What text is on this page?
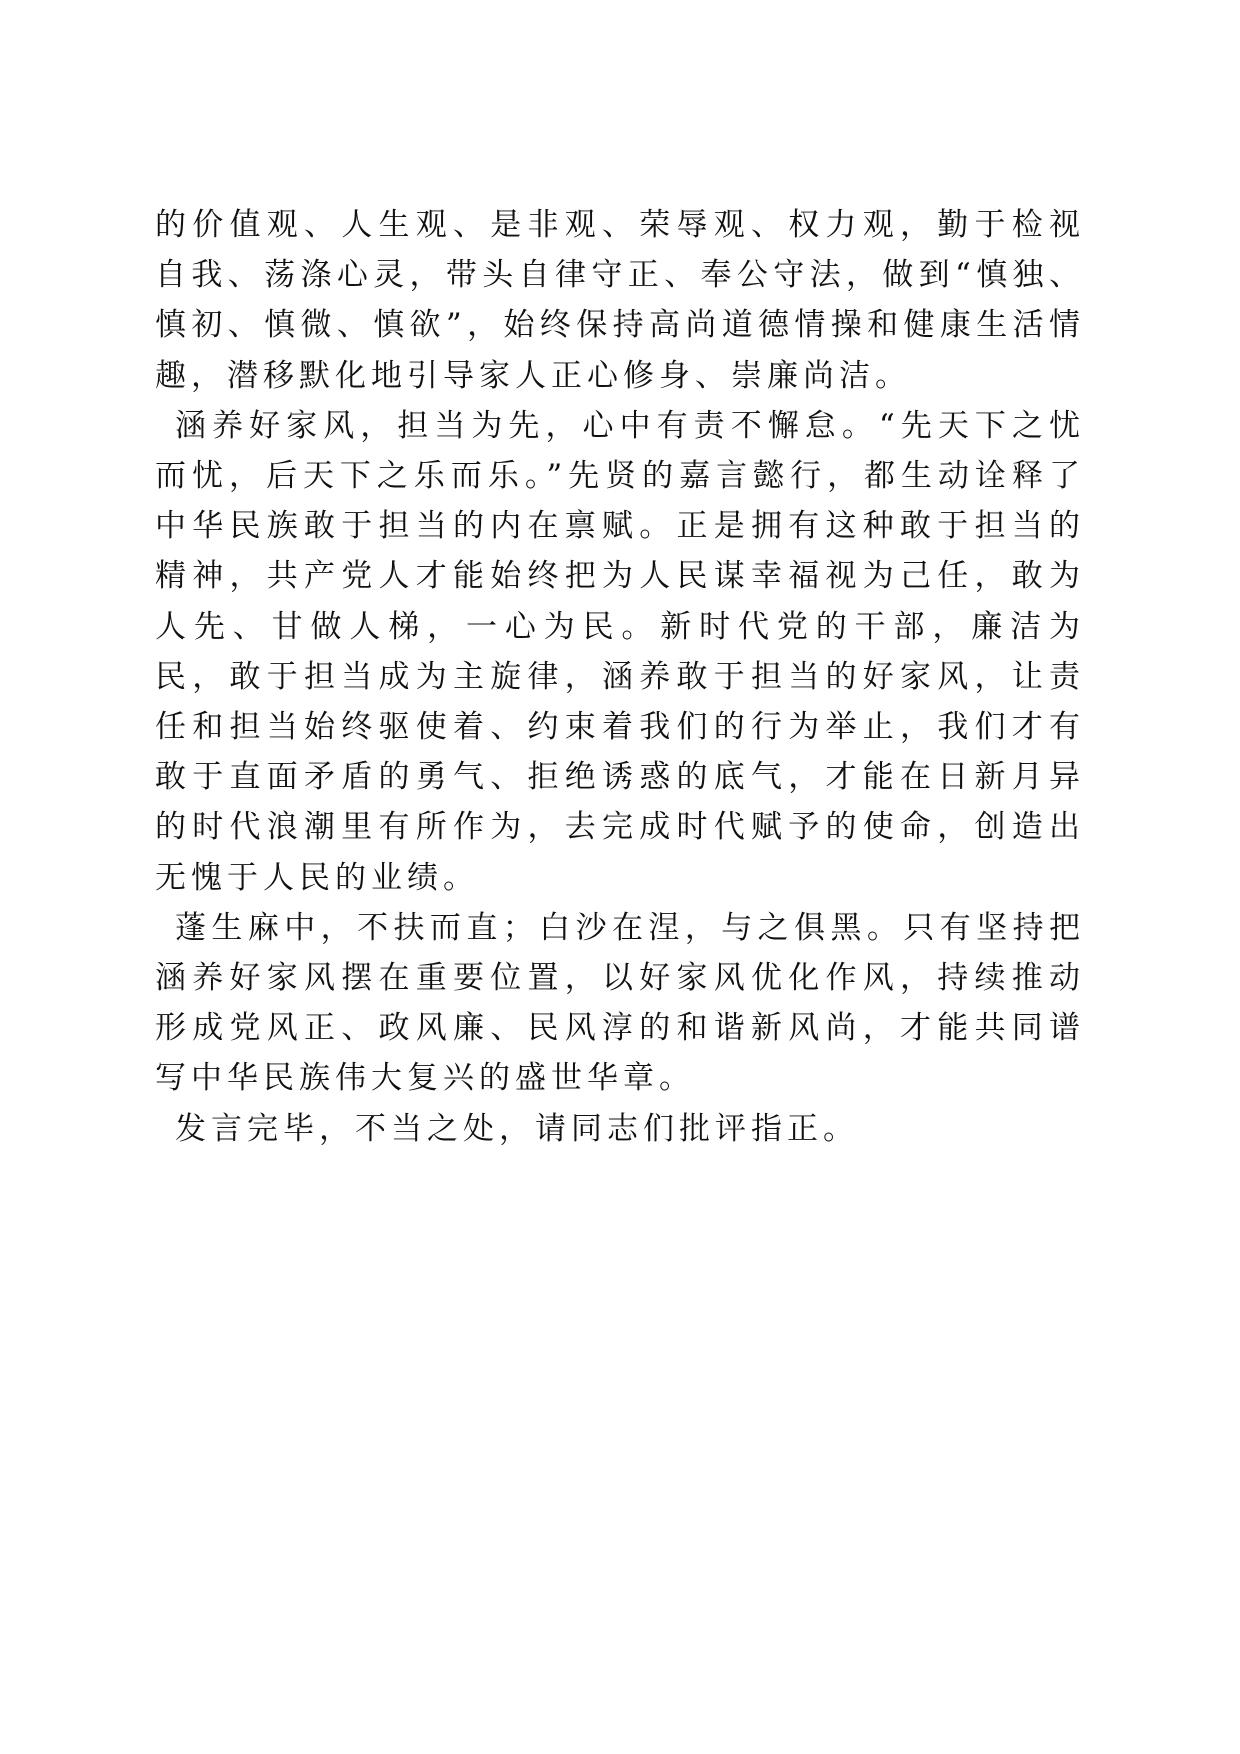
的价值观、人生观、是非观、荣辱观、权力观，勤于检视自我、荡涤心灵，带头自律守正、奉公守法，做到“慎独、慎初、慎微、慎欲”，始终保持高尚道德情操和健康生活情趣，潜移默化地引导家人正心修身、崇廉尚洁。

涵养好家风，担当为先，心中有责不懈怠。“先天下之忧而忧，后天下之乐而乐。”先贤的嘉言懿行，都生动诠释了中华民族敢于担当的内在禀赋。正是拥有这种敢于担当的精神，共产党人才能始终把为人民谋幸福视为己任，敢为人先、甘做人梯，一心为民。新时代党的干部，廉洁为民，敢于担当成为主旋律，涵养敢于担当的好家风，让责任和担当始终驱使着、约束着我们的行为举止，我们才有敢于直面矛盾的勇气、拒绝诱惑的底气，才能在日新月异的时代浪潮里有所作为，去完成时代赋予的使命，创造出无愧于人民的业绩。

蓬生麻中，不扶而直；白沙在涅，与之俱黑。只有坚持把涵养好家风摆在重要位置，以好家风优化作风，持续推动形成党风正、政风廉、民风淳的和谐新风尚，才能共同谱写中华民族伟大复兴的盛世华章。

发言完毕，不当之处，请同志们批评指正。
